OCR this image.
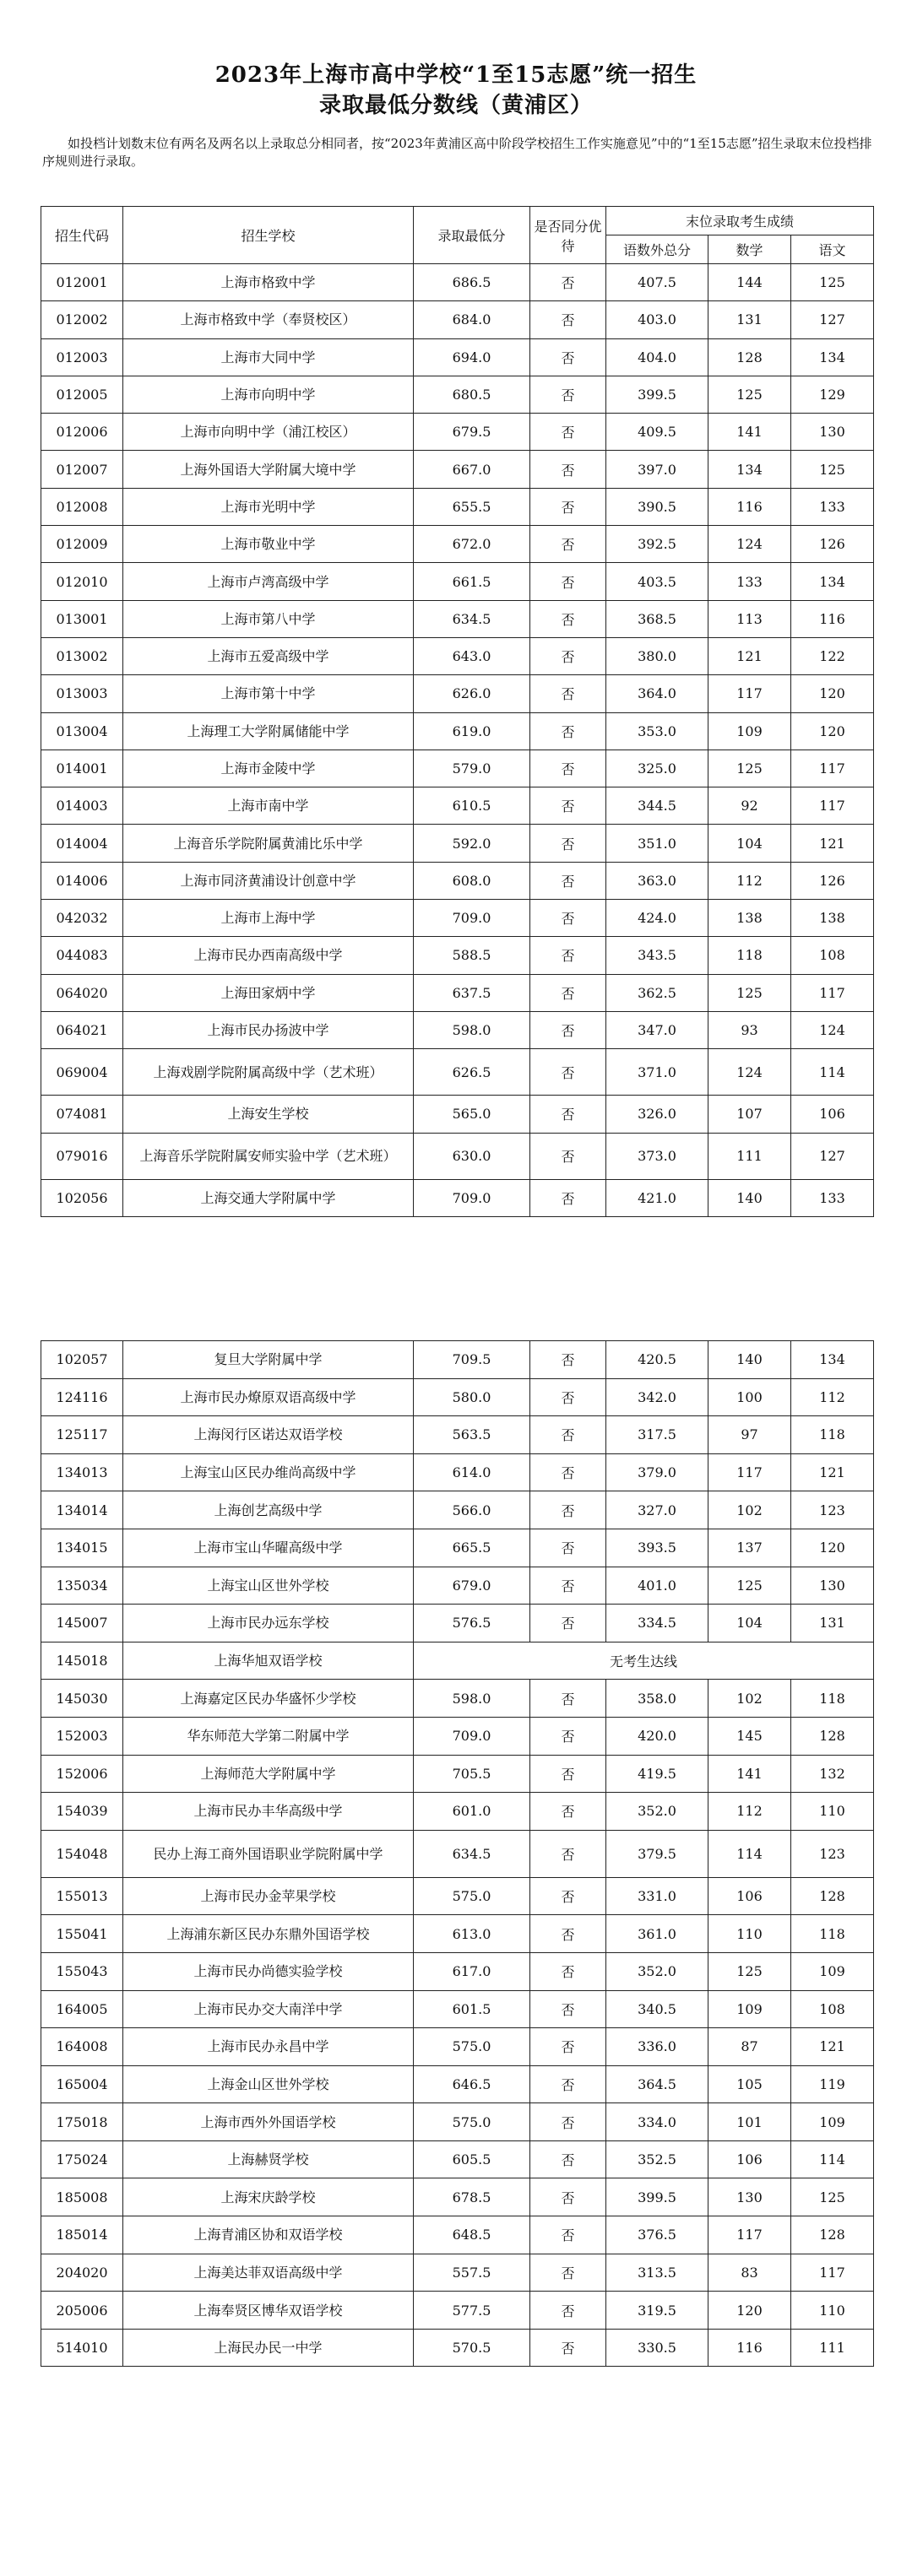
2023年上海市高中学校“1至15志愿”统一招生
录取最低分数线（黄浦区）
如投档计划数末位有两名及两名以上录取总分相同者，按“2023年黄浦区高中阶段学校招生工作实施意见”中的“1至15志愿”招生录取末位投档排序规则进行录取。
招生代码	招生学校	录取最低分	是否同分优待	末位录取考生成绩		
				语数外总分	数学	语文
012001	上海市格致中学	686.5	否	407.5	144	125
012002	上海市格致中学（奉贤校区）	684.0	否	403.0	131	127
012003	上海市大同中学	694.0	否	404.0	128	134
012005	上海市向明中学	680.5	否	399.5	125	129
012006	上海市向明中学（浦江校区）	679.5	否	409.5	141	130
012007	上海外国语大学附属大境中学	667.0	否	397.0	134	125
012008	上海市光明中学	655.5	否	390.5	116	133
012009	上海市敬业中学	672.0	否	392.5	124	126
012010	上海市卢湾高级中学	661.5	否	403.5	133	134
013001	上海市第八中学	634.5	否	368.5	113	116
013002	上海市五爱高级中学	643.0	否	380.0	121	122
013003	上海市第十中学	626.0	否	364.0	117	120
013004	上海理工大学附属储能中学	619.0	否	353.0	109	120
014001	上海市金陵中学	579.0	否	325.0	125	117
014003	上海市南中学	610.5	否	344.5	92	117
014004	上海音乐学院附属黄浦比乐中学	592.0	否	351.0	104	121
014006	上海市同济黄浦设计创意中学	608.0	否	363.0	112	126
042032	上海市上海中学	709.0	否	424.0	138	138
044083	上海市民办西南高级中学	588.5	否	343.5	118	108
064020	上海田家炳中学	637.5	否	362.5	125	117
064021	上海市民办扬波中学	598.0	否	347.0	93	124
069004	上海戏剧学院附属高级中学（艺术班）	626.5	否	371.0	124	114
074081	上海安生学校	565.0	否	326.0	107	106
079016	上海音乐学院附属安师实验中学（艺术班）	630.0	否	373.0	111	127
102056	上海交通大学附属中学	709.0	否	421.0	140	133
102057	复旦大学附属中学	709.5	否	420.5	140	134
124116	上海市民办燎原双语高级中学	580.0	否	342.0	100	112
125117	上海闵行区诺达双语学校	563.5	否	317.5	97	118
134013	上海宝山区民办维尚高级中学	614.0	否	379.0	117	121
134014	上海创艺高级中学	566.0	否	327.0	102	123
134015	上海市宝山华曜高级中学	665.5	否	393.5	137	120
135034	上海宝山区世外学校	679.0	否	401.0	125	130
145007	上海市民办远东学校	576.5	否	334.5	104	131
145018	上海华旭双语学校	无考生达线				
145030	上海嘉定区民办华盛怀少学校	598.0	否	358.0	102	118
152003	华东师范大学第二附属中学	709.0	否	420.0	145	128
152006	上海师范大学附属中学	705.5	否	419.5	141	132
154039	上海市民办丰华高级中学	601.0	否	352.0	112	110
154048	民办上海工商外国语职业学院附属中学	634.5	否	379.5	114	123
155013	上海市民办金苹果学校	575.0	否	331.0	106	128
155041	上海浦东新区民办东鼎外国语学校	613.0	否	361.0	110	118
155043	上海市民办尚德实验学校	617.0	否	352.0	125	109
164005	上海市民办交大南洋中学	601.5	否	340.5	109	108
164008	上海市民办永昌中学	575.0	否	336.0	87	121
165004	上海金山区世外学校	646.5	否	364.5	105	119
175018	上海市西外外国语学校	575.0	否	334.0	101	109
175024	上海赫贤学校	605.5	否	352.5	106	114
185008	上海宋庆龄学校	678.5	否	399.5	130	125
185014	上海青浦区协和双语学校	648.5	否	376.5	117	128
204020	上海美达菲双语高级中学	557.5	否	313.5	83	117
205006	上海奉贤区博华双语学校	577.5	否	319.5	120	110
514010	上海民办民一中学	570.5	否	330.5	116	111
